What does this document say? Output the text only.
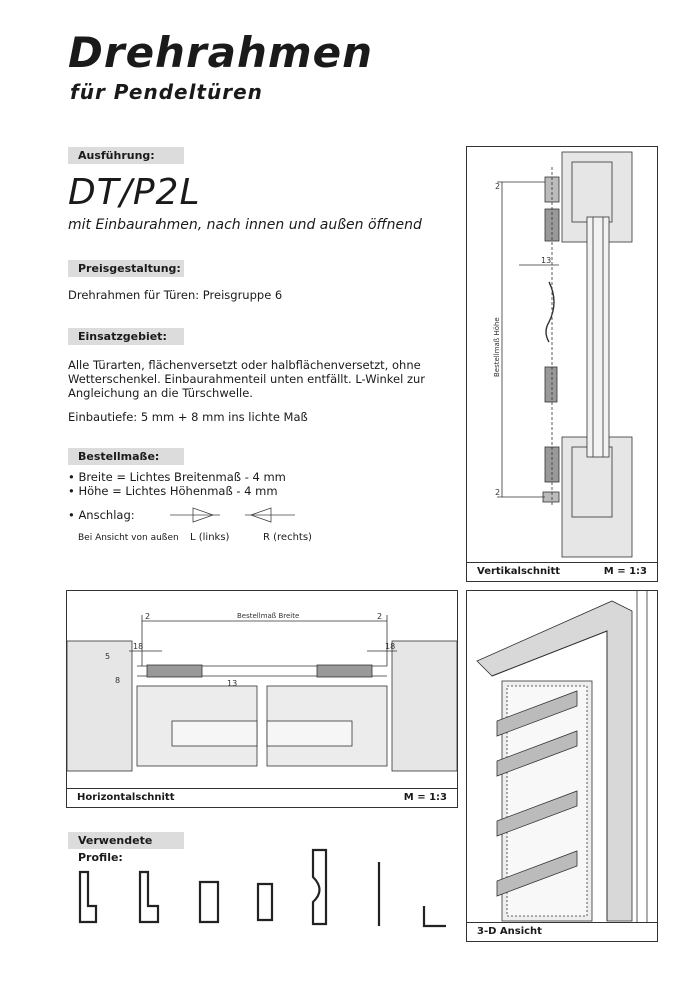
Drehrahmen
für Pendeltüren
Ausführung:
DT/P2L
mit Einbaurahmen, nach innen und außen öffnend
Preisgestaltung:
Drehrahmen für Türen: Preisgruppe 6
Einsatzgebiet:
Alle Türarten, flächenversetzt oder halbflächenversetzt, ohne
Wetterschenkel. Einbaurahmenteil unten entfällt. L-Winkel zur
Angleichung an die Türschwelle.
Einbautiefe: 5 mm + 8 mm ins lichte Maß
Bestellmaße:
• Breite = Lichtes Breitenmaß - 4 mm
• Höhe = Lichtes Höhenmaß - 4 mm
• Anschlag:
Bei Ansicht von außen L (links)	R (rechts)
2
13
2
Bestellmaß Höhe
Vertikalschnitt	M = 1:3
Bestellmaß Breite
2	2
18	18
5
8	13
Horizontalschnitt	M = 1:3
3-D Ansicht
Verwendete Profile:
